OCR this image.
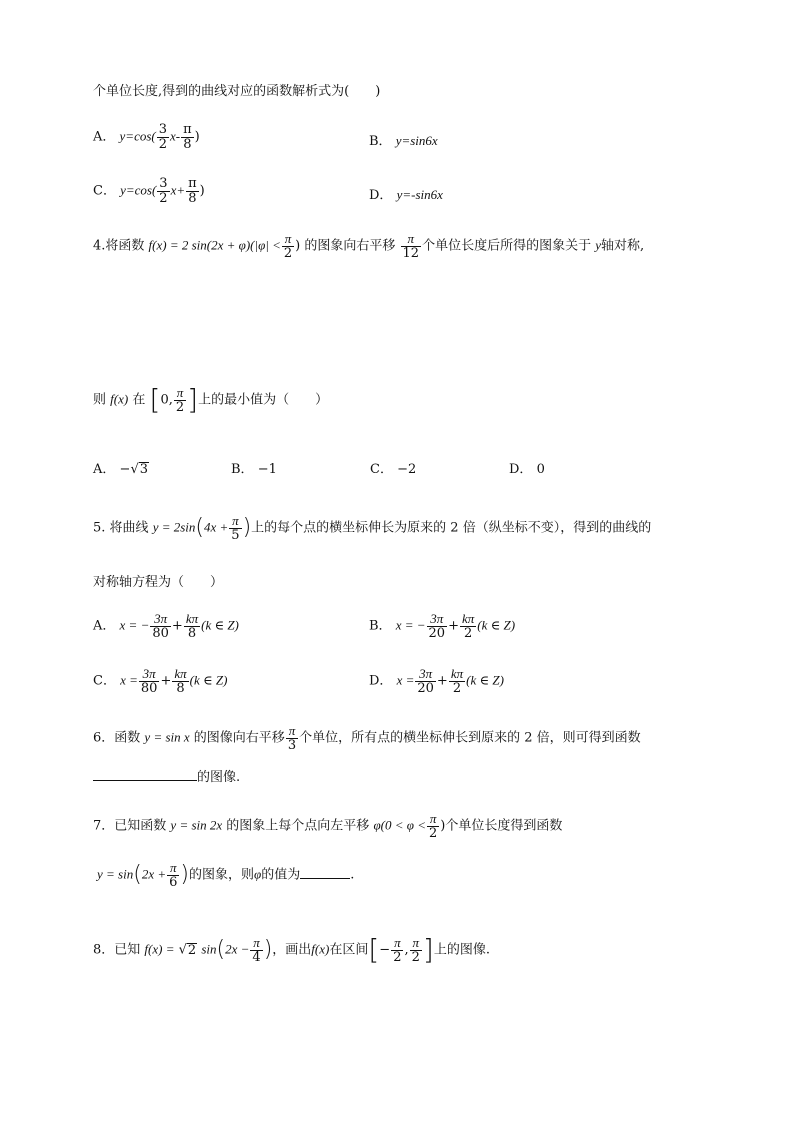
个单位长度,得到的曲线对应的函数解析式为(　　)
A． $y=\cos( \frac{3}{2} x- \frac{\pi}{8}$ )	B． y=sin6x
C． $y=\cos( \frac{3}{2} x+ \frac{\pi}{8}$ )	D． y=-sin6x
4.将函数 f(x) = 2 $\sin(2x + \varphi)(|\varphi| < \frac{\pi}{2}$ ) 的图象向右平移 $\frac{\pi}{12}$ 个单位长度后所得的图象关于 y轴对称,
则 f(x) 在 [0, $\frac{\pi}{2}$ ]上的最小值为（　　）
A． −√3	B． −1	C． −2	D． 0
5. 将曲线 $y = 2\sin(4x + \frac{\pi}{5}$ )上的每个点的横坐标伸长为原来的 2 倍（纵坐标不变），得到的曲线的
对称轴方程为（　　）
A． x = − $\frac{3\pi}{80} + \frac{k\pi}{8} (k$ ∈ Z)	B． x = − $\frac{3\pi}{20} + \frac{k\pi}{2} (k$ ∈ Z)
C． $x = \frac{3\pi}{80} + \frac{k\pi}{8} (k$ ∈ Z)	D． $x = \frac{3\pi}{20} + \frac{k\pi}{2} (k$ ∈ Z)
6．函数 y = sin x 的图像向右平移 $\frac{\pi}{3}$ 个单位，所有点的横坐标伸长到原来的 2 倍，则可得到函数
的图像.
7．已知函数 y = sin 2x 的图象上每个点向左平移 $\varphi(0 < \varphi < \frac{\pi}{2}$ )个单位长度得到函数
$y = \sin(2x + \frac{\pi}{6}$ )的图象，则φ的值为	.
8．已知 f(x) = √2 $\sin(2x - \frac{\pi}{4}$ )，画出f(x)在区间[− $\frac{\pi}{2}$ , $\frac{\pi}{2}$ ]上的图像.
